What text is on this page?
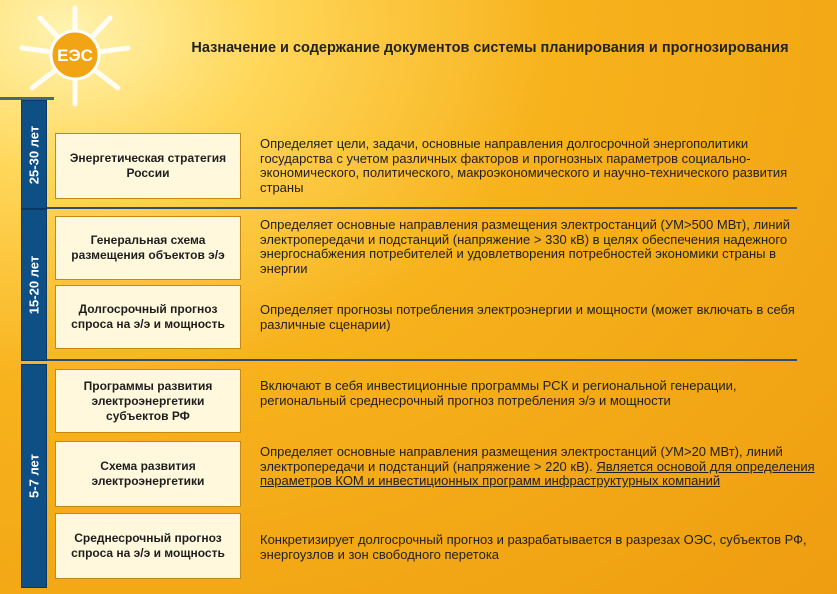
ЕЭС	Назначение и содержание документов системы планирования и прогнозирования
25-30 лет
15-20 лет
5-7 лет
Энергетическая стратегия России
Генеральная схема размещения объектов э/э
Долгосрочный прогноз спроса на э/э и мощность
Программы развития электроэнергетики субъектов РФ
Схема развития электроэнергетики
Среднесрочный прогноз спроса на э/э и мощность
Определяет цели, задачи, основные направления долгосрочной энергополитики государства с учетом различных факторов и прогнозных параметров социально-экономического, политического, макроэкономического и научно-технического развития страны
Определяет основные направления размещения электростанций (УМ>500 МВт), линий электропередачи и подстанций (напряжение > 330 кВ) в целях обеспечения надежного энергоснабжения потребителей и удовлетворения потребностей экономики страны в энергии
Определяет прогнозы потребления электроэнергии и мощности (может включать в себя различные сценарии)
Включают в себя инвестиционные программы РСК и региональной генерации, региональный среднесрочный прогноз потребления э/э и мощности
Определяет основные направления размещения электростанций (УМ>20 МВт), линий электропередачи и подстанций (напряжение > 220 кВ). Является основой для определения параметров КОМ и инвестиционных программ инфраструктурных компаний
Конкретизирует долгосрочный прогноз и разрабатывается в разрезах ОЭС, субъектов РФ, энергоузлов и зон свободного перетока
